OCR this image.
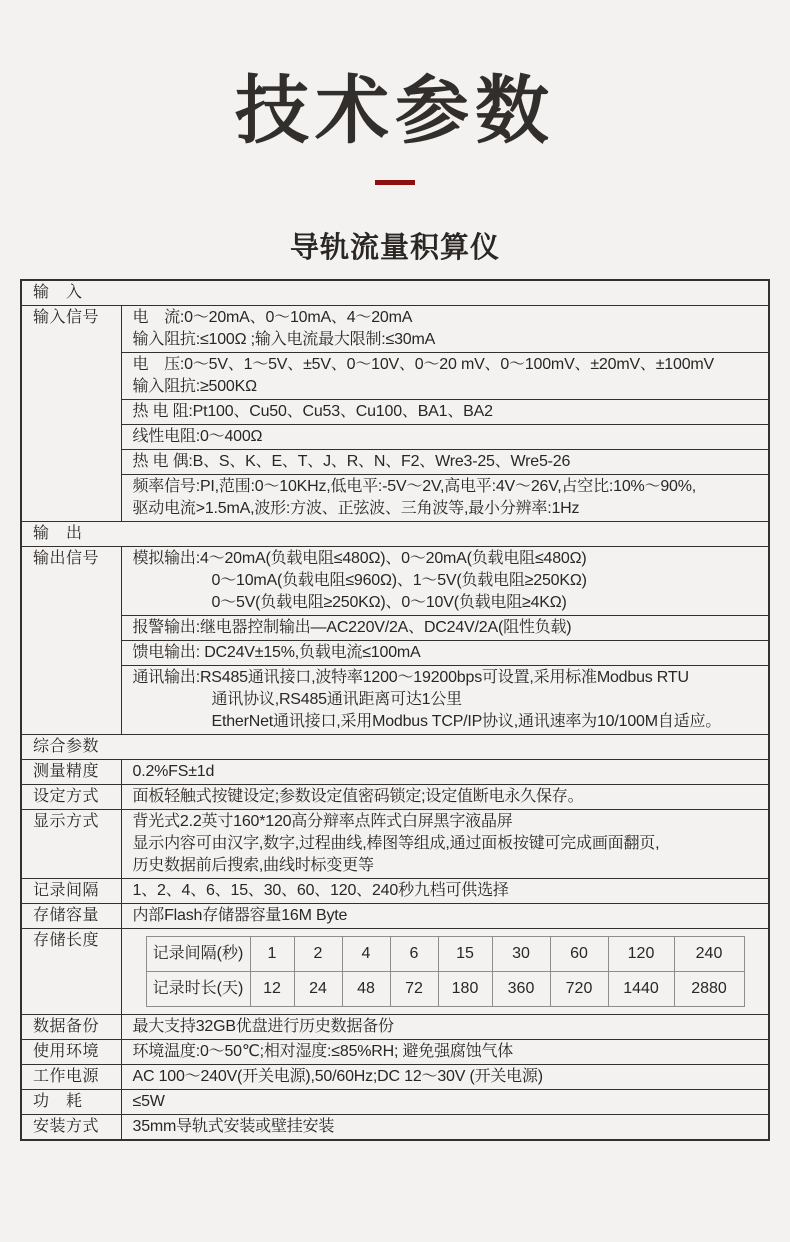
技术参数
导轨流量积算仪
输　入
输入信号	电　流:0～20mA、0～10mA、4～20mA
输入阻抗:≤100Ω ;输入电流最大限制:≤30mA

电　压:0～5V、1～5V、±5V、0～10V、0～20 mV、0～100mV、±20mV、±100mV
输入阻抗:≥500KΩ

热 电 阻:Pt100、Cu50、Cu53、Cu100、BA1、BA2

线性电阻:0～400Ω

热 电 偶:B、S、K、E、T、J、R、N、F2、Wre3-25、Wre5-26

频率信号:PI,范围:0～10KHz,低电平:-5V～2V,高电平:4V～26V,占空比:10%～90%,
驱动电流>1.5mA,波形:方波、正弦波、三角波等,最小分辨率:1Hz

输　出
输出信号	模拟输出:4～20mA(负载电阻≤480Ω)、0～20mA(负载电阻≤480Ω)
0～10mA(负载电阻≤960Ω)、1～5V(负载电阻≥250KΩ)
0～5V(负载电阻≥250KΩ)、0～10V(负载电阻≥4KΩ)

报警输出:继电器控制输出—AC220V/2A、DC24V/2A(阻性负载)

馈电输出: DC24V±15%,负载电流≤100mA

通讯输出:RS485通讯接口,波特率1200～19200bps可设置,采用标准Modbus RTU
通讯协议,RS485通讯距离可达1公里
EtherNet通讯接口,采用Modbus TCP/IP协议,通讯速率为10/100M自适应。

综合参数
测量精度	0.2%FS±1d

设定方式	面板轻触式按键设定;参数设定值密码锁定;设定值断电永久保存。

显示方式	背光式2.2英寸160*120高分辩率点阵式白屏黑字液晶屏
显示内容可由汉字,数字,过程曲线,棒图等组成,通过面板按键可完成画面翻页,
历史数据前后搜索,曲线时标变更等

记录间隔	1、2、4、6、15、30、60、120、240秒九档可供选择

存储容量	内部Flash存储器容量16M Byte

存储长度	
记录间隔(秒)	1	2	4	6	15	30	60	120	240
记录时长(天)	12	24	48	72	180	360	720	1440	2880

数据备份	最大支持32GB优盘进行历史数据备份

使用环境	环境温度:0～50℃;相对湿度:≤85%RH; 避免强腐蚀气体

工作电源	AC 100～240V(开关电源),50/60Hz;DC 12～30V (开关电源)

功　耗	≤5W

安装方式	35mm导轨式安装或壁挂安装
